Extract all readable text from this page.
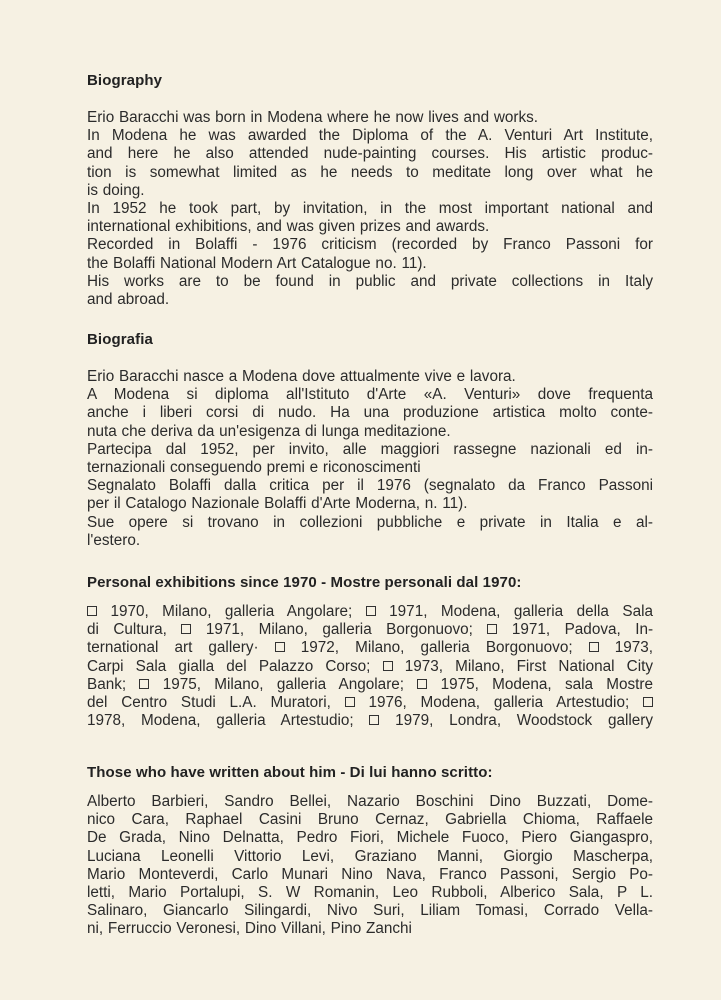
Biography

Erio Baracchi was born in Modena where he now lives and works.
In Modena he was awarded the Diploma of the A. Venturi Art Institute,
and here he also attended nude-painting courses. His artistic produc-
tion is somewhat limited as he needs to meditate long over what he
is doing.
In 1952 he took part, by invitation, in the most important national and
international exhibitions, and was given prizes and awards.
Recorded in Bolaffi - 1976 criticism (recorded by Franco Passoni for
the Bolaffi National Modern Art Catalogue no. 11).
His works are to be found in public and private collections in Italy
and abroad.

Biografia

Erio Baracchi nasce a Modena dove attualmente vive e lavora.
A Modena si diploma all'Istituto d'Arte «A. Venturi» dove frequenta
anche i liberi corsi di nudo. Ha una produzione artistica molto conte-
nuta che deriva da un'esigenza di lunga meditazione.
Partecipa dal 1952, per invito, alle maggiori rassegne nazionali ed in-
ternazionali conseguendo premi e riconoscimenti
Segnalato Bolaffi dalla critica per il 1976 (segnalato da Franco Passoni
per il Catalogo Nazionale Bolaffi d'Arte Moderna, n. 11).
Sue opere si trovano in collezioni pubbliche e private in Italia e al-
l'estero.

Personal exhibitions since 1970 - Mostre personali dal 1970:

1970, Milano, galleria Angolare; 1971, Modena, galleria della Sala
di Cultura,	1971, Milano, galleria Borgonuovo;	1971, Padova, In-
ternational art gallery·	1972, Milano, galleria Borgonuovo;	1973,
Carpi Sala gialla del Palazzo Corso; 1973, Milano, First National City
Bank; 1975, Milano, galleria Angolare; 1975, Modena, sala Mostre
del Centro Studi L.A. Muratori, 1976, Modena, galleria Artestudio;
1978, Modena, galleria Artestudio;	1979, Londra, Woodstock gallery

Those who have written about him - Di lui hanno scritto:

Alberto Barbieri, Sandro Bellei, Nazario Boschini Dino Buzzati, Dome-
nico Cara, Raphael Casini Bruno Cernaz, Gabriella Chioma, Raffaele
De Grada, Nino Delnatta, Pedro Fiori, Michele Fuoco, Piero Giangaspro,
Luciana Leonelli Vittorio Levi, Graziano Manni, Giorgio Mascherpa,
Mario Monteverdi, Carlo Munari Nino Nava, Franco Passoni, Sergio Po-
letti, Mario Portalupi, S. W Romanin, Leo Rubboli, Alberico Sala, P L.
Salinaro, Giancarlo Silingardi, Nivo Suri, Liliam Tomasi, Corrado Vella-
ni, Ferruccio Veronesi, Dino Villani, Pino Zanchi
